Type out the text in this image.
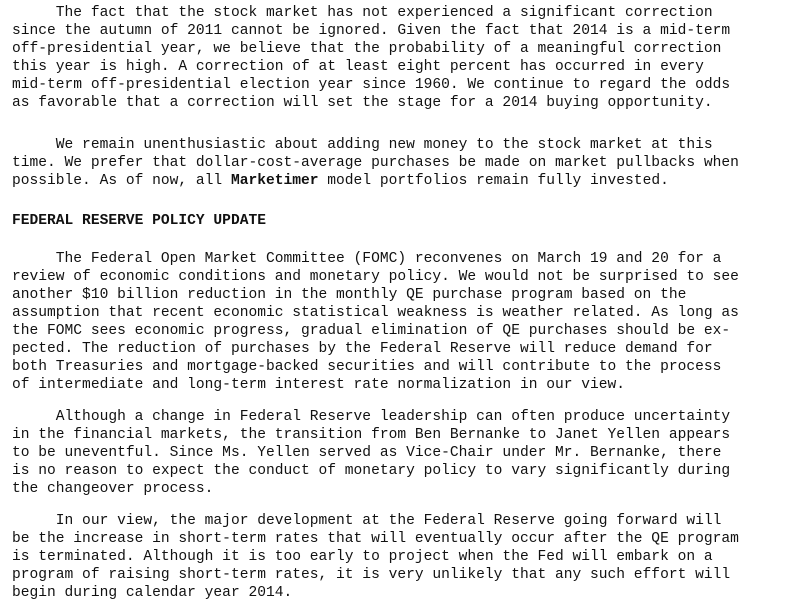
The fact that the stock market has not experienced a significant correction
since the autumn of 2011 cannot be ignored. Given the fact that 2014 is a mid-term
off-presidential year, we believe that the probability of a meaningful correction
this year is high. A correction of at least eight percent has occurred in every
mid-term off-presidential election year since 1960. We continue to regard the odds
as favorable that a correction will set the stage for a 2014 buying opportunity.
We remain unenthusiastic about adding new money to the stock market at this
time. We prefer that dollar-cost-average purchases be made on market pullbacks when
possible. As of now, all Marketimer model portfolios remain fully invested.
FEDERAL RESERVE POLICY UPDATE
The Federal Open Market Committee (FOMC) reconvenes on March 19 and 20 for a
review of economic conditions and monetary policy. We would not be surprised to see
another $10 billion reduction in the monthly QE purchase program based on the
assumption that recent economic statistical weakness is weather related. As long as
the FOMC sees economic progress, gradual elimination of QE purchases should be ex-
pected. The reduction of purchases by the Federal Reserve will reduce demand for
both Treasuries and mortgage-backed securities and will contribute to the process
of intermediate and long-term interest rate normalization in our view.
Although a change in Federal Reserve leadership can often produce uncertainty
in the financial markets, the transition from Ben Bernanke to Janet Yellen appears
to be uneventful. Since Ms. Yellen served as Vice-Chair under Mr. Bernanke, there
is no reason to expect the conduct of monetary policy to vary significantly during
the changeover process.
In our view, the major development at the Federal Reserve going forward will
be the increase in short-term rates that will eventually occur after the QE program
is terminated. Although it is too early to project when the Fed will embark on a
program of raising short-term rates, it is very unlikely that any such effort will
begin during calendar year 2014.
